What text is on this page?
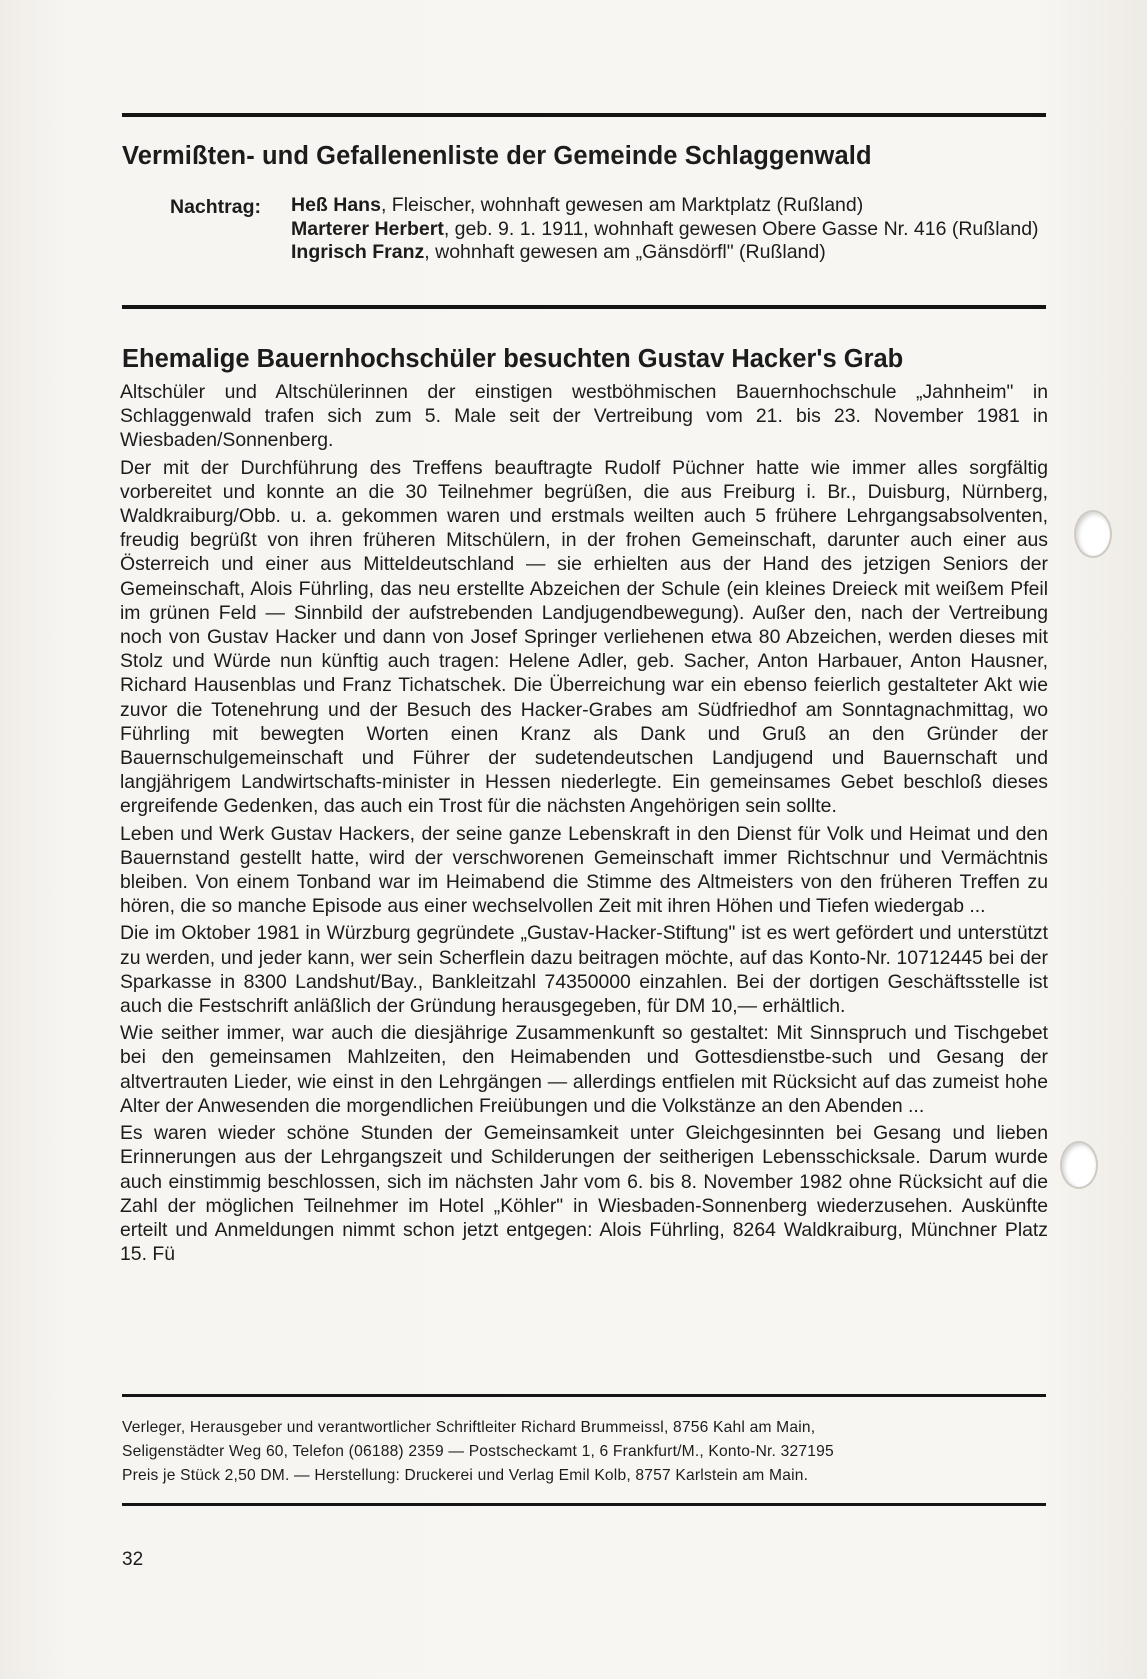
Vermißten- und Gefallenenliste der Gemeinde Schlaggenwald
Nachtrag: Heß Hans, Fleischer, wohnhaft gewesen am Marktplatz (Rußland)

Marterer Herbert, geb. 9. 1. 1911, wohnhaft gewesen Obere Gasse Nr. 416 (Rußland)

Ingrisch Franz, wohnhaft gewesen am „Gänsdörfl" (Rußland)

Ehemalige Bauernhochschüler besuchten Gustav Hacker's Grab

Altschüler und Altschülerinnen der einstigen westböhmischen Bauernhochschule „Jahnheim" in Schlaggenwald trafen sich zum 5. Male seit der Vertreibung vom 21. bis 23. November 1981 in Wiesbaden/Sonnenberg.

Der mit der Durchführung des Treffens beauftragte Rudolf Püchner hatte wie immer alles sorgfältig vorbereitet und konnte an die 30 Teilnehmer begrüßen, die aus Freiburg i. Br., Duisburg, Nürnberg, Waldkraiburg/Obb. u. a. gekommen waren und erstmals weilten auch 5 frühere Lehrgangsabsolventen, freudig begrüßt von ihren früheren Mitschülern, in der frohen Gemeinschaft, darunter auch einer aus Österreich und einer aus Mitteldeutschland — sie erhielten aus der Hand des jetzigen Seniors der Gemeinschaft, Alois Führling, das neu erstellte Abzeichen der Schule (ein kleines Dreieck mit weißem Pfeil im grünen Feld — Sinnbild der aufstrebenden Landjugendbewegung). Außer den, nach der Vertreibung noch von Gustav Hacker und dann von Josef Springer verliehenen etwa 80 Abzeichen, werden dieses mit Stolz und Würde nun künftig auch tragen: Helene Adler, geb. Sacher, Anton Harbauer, Anton Hausner, Richard Hausenblas und Franz Tichatschek. Die Überreichung war ein ebenso feierlich gestalteter Akt wie zuvor die Totenehrung und der Besuch des Hacker-Grabes am Südfriedhof am Sonntagnachmittag, wo Führling mit bewegten Worten einen Kranz als Dank und Gruß an den Gründer der Bauernschulgemeinschaft und Führer der sudetendeutschen Landjugend und Bauernschaft und langjährigem Landwirtschafts-minister in Hessen niederlegte. Ein gemeinsames Gebet beschloß dieses ergreifende Gedenken, das auch ein Trost für die nächsten Angehörigen sein sollte.

Leben und Werk Gustav Hackers, der seine ganze Lebenskraft in den Dienst für Volk und Heimat und den Bauernstand gestellt hatte, wird der verschworenen Gemeinschaft immer Richtschnur und Vermächtnis bleiben. Von einem Tonband war im Heimabend die Stimme des Altmeisters von den früheren Treffen zu hören, die so manche Episode aus einer wechselvollen Zeit mit ihren Höhen und Tiefen wiedergab ...

Die im Oktober 1981 in Würzburg gegründete „Gustav-Hacker-Stiftung" ist es wert gefördert und unterstützt zu werden, und jeder kann, wer sein Scherflein dazu beitragen möchte, auf das Konto-Nr. 10712445 bei der Sparkasse in 8300 Landshut/Bay., Bankleitzahl 74350000 einzahlen. Bei der dortigen Geschäftsstelle ist auch die Festschrift anläßlich der Gründung herausgegeben, für DM 10,— erhältlich.

Wie seither immer, war auch die diesjährige Zusammenkunft so gestaltet: Mit Sinnspruch und Tischgebet bei den gemeinsamen Mahlzeiten, den Heimabenden und Gottesdienstbe-such und Gesang der altvertrauten Lieder, wie einst in den Lehrgängen — allerdings entfielen mit Rücksicht auf das zumeist hohe Alter der Anwesenden die morgendlichen Freiübungen und die Volkstänze an den Abenden ...

Es waren wieder schöne Stunden der Gemeinsamkeit unter Gleichgesinnten bei Gesang und lieben Erinnerungen aus der Lehrgangszeit und Schilderungen der seitherigen Lebensschicksale. Darum wurde auch einstimmig beschlossen, sich im nächsten Jahr vom 6. bis 8. November 1982 ohne Rücksicht auf die Zahl der möglichen Teilnehmer im Hotel „Köhler" in Wiesbaden-Sonnenberg wiederzusehen. Auskünfte erteilt und Anmeldungen nimmt schon jetzt entgegen: Alois Führling, 8264 Waldkraiburg, Münchner Platz 15. Fü

Verleger, Herausgeber und verantwortlicher Schriftleiter Richard Brummeissl, 8756 Kahl am Main,

Seligenstädter Weg 60, Telefon (06188) 2359 — Postscheckamt 1, 6 Frankfurt/M., Konto-Nr. 327195

Preis je Stück 2,50 DM. — Herstellung: Druckerei und Verlag Emil Kolb, 8757 Karlstein am Main.

32
